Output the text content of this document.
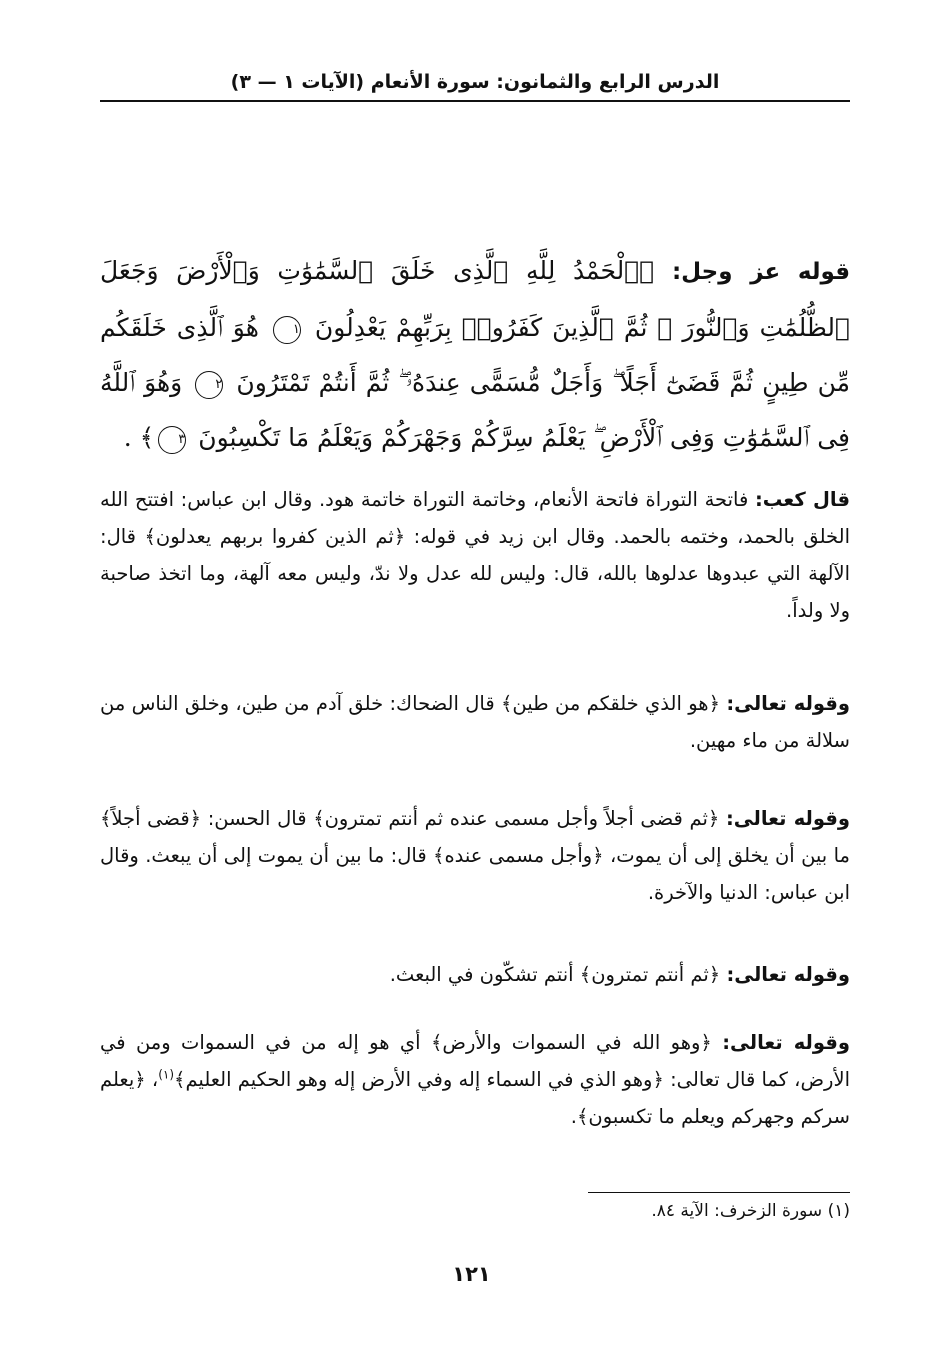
الدرس الرابع والثمانون: سورة الأنعام (الآيات ١ — ٣)
قوله عز وجل: ﴿ٱلْحَمْدُ لِلَّهِ ٱلَّذِى خَلَقَ ٱلسَّمَٰوَٰتِ وَٱلْأَرْضَ وَجَعَلَ ٱلظُّلُمَٰتِ وَٱلنُّورَ ۖ ثُمَّ ٱلَّذِينَ كَفَرُوا۟ بِرَبِّهِمْ يَعْدِلُونَ ١ هُوَ ٱلَّذِى خَلَقَكُم مِّن طِينٍ ثُمَّ قَضَىٰٓ أَجَلًا ۖ وَأَجَلٌ مُّسَمًّى عِندَهُۥ ۖ ثُمَّ أَنتُمْ تَمْتَرُونَ ٢ وَهُوَ ٱللَّهُ فِى ٱلسَّمَٰوَٰتِ وَفِى ٱلْأَرْضِ ۖ يَعْلَمُ سِرَّكُمْ وَجَهْرَكُمْ وَيَعْلَمُ مَا تَكْسِبُونَ ٣﴾ .

قال كعب: فاتحة التوراة فاتحة الأنعام، وخاتمة التوراة خاتمة هود. وقال ابن عباس: افتتح الله الخلق بالحمد، وختمه بالحمد. وقال ابن زيد في قوله: ﴿ثم الذين كفروا بربهم يعدلون﴾ قال: الآلهة التي عبدوها عدلوها بالله، قال: وليس لله عدل ولا ندّ، وليس معه آلهة، وما اتخذ صاحبة ولا ولداً.

وقوله تعالى: ﴿هو الذي خلقكم من طين﴾ قال الضحاك: خلق آدم من طين، وخلق الناس من سلالة من ماء مهين.

وقوله تعالى: ﴿ثم قضى أجلاً وأجل مسمى عنده ثم أنتم تمترون﴾ قال الحسن: ﴿قضى أجلاً﴾ ما بين أن يخلق إلى أن يموت، ﴿وأجل مسمى عنده﴾ قال: ما بين أن يموت إلى أن يبعث. وقال ابن عباس: الدنيا والآخرة.

وقوله تعالى: ﴿ثم أنتم تمترون﴾ أنتم تشكّون في البعث.

وقوله تعالى: ﴿وهو الله في السموات والأرض﴾ أي هو إله من في السموات ومن في الأرض، كما قال تعالى: ﴿وهو الذي في السماء إله وفي الأرض إله وهو الحكيم العليم﴾$^{(١)}$، ﴿يعلم سركم وجهركم ويعلم ما تكسبون﴾.

(١) سورة الزخرف: الآية ٨٤.
١٢١
